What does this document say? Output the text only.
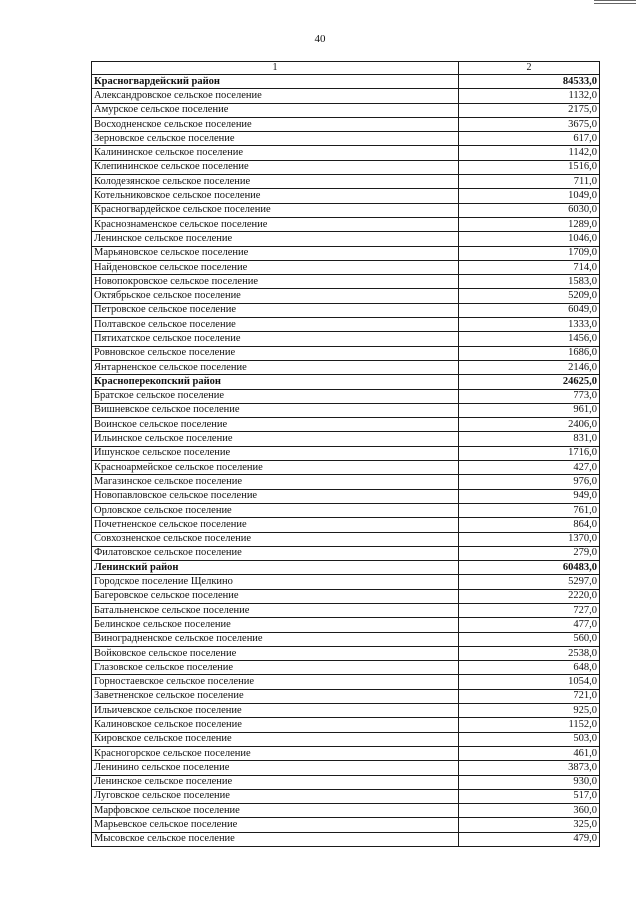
40
1	2
Красногвардейский район	84533,0
Александровское сельское поселение	1132,0
Амурское сельское поселение	2175,0
Восходненское сельское поселение	3675,0
Зерновское сельское поселение	617,0
Калининское сельское поселение	1142,0
Клепининское сельское поселение	1516,0
Колодезянское сельское поселение	711,0
Котельниковское сельское поселение	1049,0
Красногвардейское сельское поселение	6030,0
Краснознаменское сельское поселение	1289,0
Ленинское сельское поселение	1046,0
Марьяновское сельское поселение	1709,0
Найденовское сельское поселение	714,0
Новопокровское сельское поселение	1583,0
Октябрьское сельское поселение	5209,0
Петровское сельское поселение	6049,0
Полтавское сельское поселение	1333,0
Пятихатское сельское поселение	1456,0
Ровновское сельское поселение	1686,0
Янтарненское сельское поселение	2146,0
Красноперекопский район	24625,0
Братское сельское поселение	773,0
Вишневское сельское поселение	961,0
Воинское сельское поселение	2406,0
Ильинское сельское поселение	831,0
Ишунское сельское поселение	1716,0
Красноармейское сельское поселение	427,0
Магазинское сельское поселение	976,0
Новопавловское сельское поселение	949,0
Орловское сельское поселение	761,0
Почетненское сельское поселение	864,0
Совхозненское сельское поселение	1370,0
Филатовское сельское поселение	279,0
Ленинский район	60483,0
Городское поселение Щелкино	5297,0
Багеровское сельское поселение	2220,0
Батальненское сельское поселение	727,0
Белинское сельское поселение	477,0
Виноградненское сельское поселение	560,0
Войковское сельское поселение	2538,0
Глазовское сельское поселение	648,0
Горностаевское сельское поселение	1054,0
Заветненское сельское поселение	721,0
Ильичевское сельское поселение	925,0
Калиновское сельское поселение	1152,0
Кировское сельское поселение	503,0
Красногорское сельское поселение	461,0
Ленинино сельское поселение	3873,0
Ленинское сельское поселение	930,0
Луговское сельское поселение	517,0
Марфовское сельское поселение	360,0
Марьевское сельское поселение	325,0
Мысовское сельское поселение	479,0
